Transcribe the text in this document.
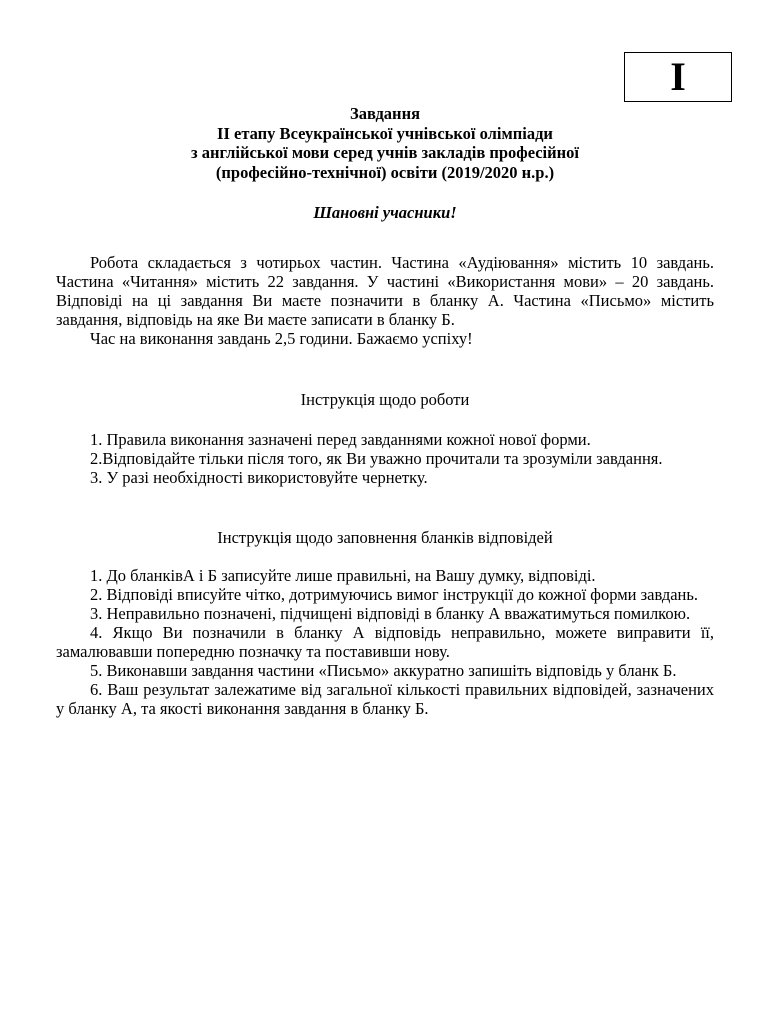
I
Завдання
ІІ етапу Всеукраїнської учнівської олімпіади
з англійської мови серед учнів закладів професійної
(професійно-технічної) освіти (2019/2020 н.р.)
Шановні учасники!

Робота складається з чотирьох частин. Частина «Аудіювання» містить 10 завдань. Частина «Читання» містить 22 завдання. У частині «Використання мови» – 20 завдань. Відповіді на ці завдання Ви маєте позначити в бланку А. Частина «Письмо» містить завдання, відповідь на яке Ви маєте записати в бланку Б.

Час на виконання завдань 2,5 години. Бажаємо успіху!

Інструкція щодо роботи

1. Правила виконання зазначені перед завданнями кожної нової форми.

2.Відповідайте тільки після того, як Ви уважно прочитали та зрозуміли завдання.

3. У разі необхідності використовуйте чернетку.

Інструкція щодо заповнення бланків відповідей

1. До бланківА і Б записуйте лише правильні, на Вашу думку, відповіді.

2. Відповіді вписуйте чітко, дотримуючись вимог інструкції до кожної форми завдань.

3. Неправильно позначені, підчищені відповіді в бланку А вважатимуться помилкою.

4. Якщо Ви позначили в бланку А відповідь неправильно, можете виправити її, замалювавши попередню позначку та поставивши нову.

5. Виконавши завдання частини «Письмо» аккуратно запишіть відповідь у бланк Б.

6. Ваш результат залежатиме від загальної кількості правильних відповідей, зазначених у бланку А, та якості виконання завдання в бланку Б.
